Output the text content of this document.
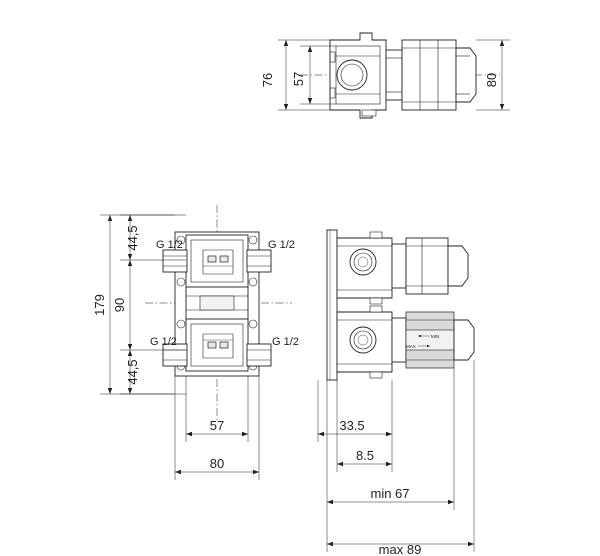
76 57	80
G 1/2	G 1/2
G 1/2	G 1/2
179 90
44,5
44,5
57
80
MIN
MAX
33.5
8.5
min 67
max 89
